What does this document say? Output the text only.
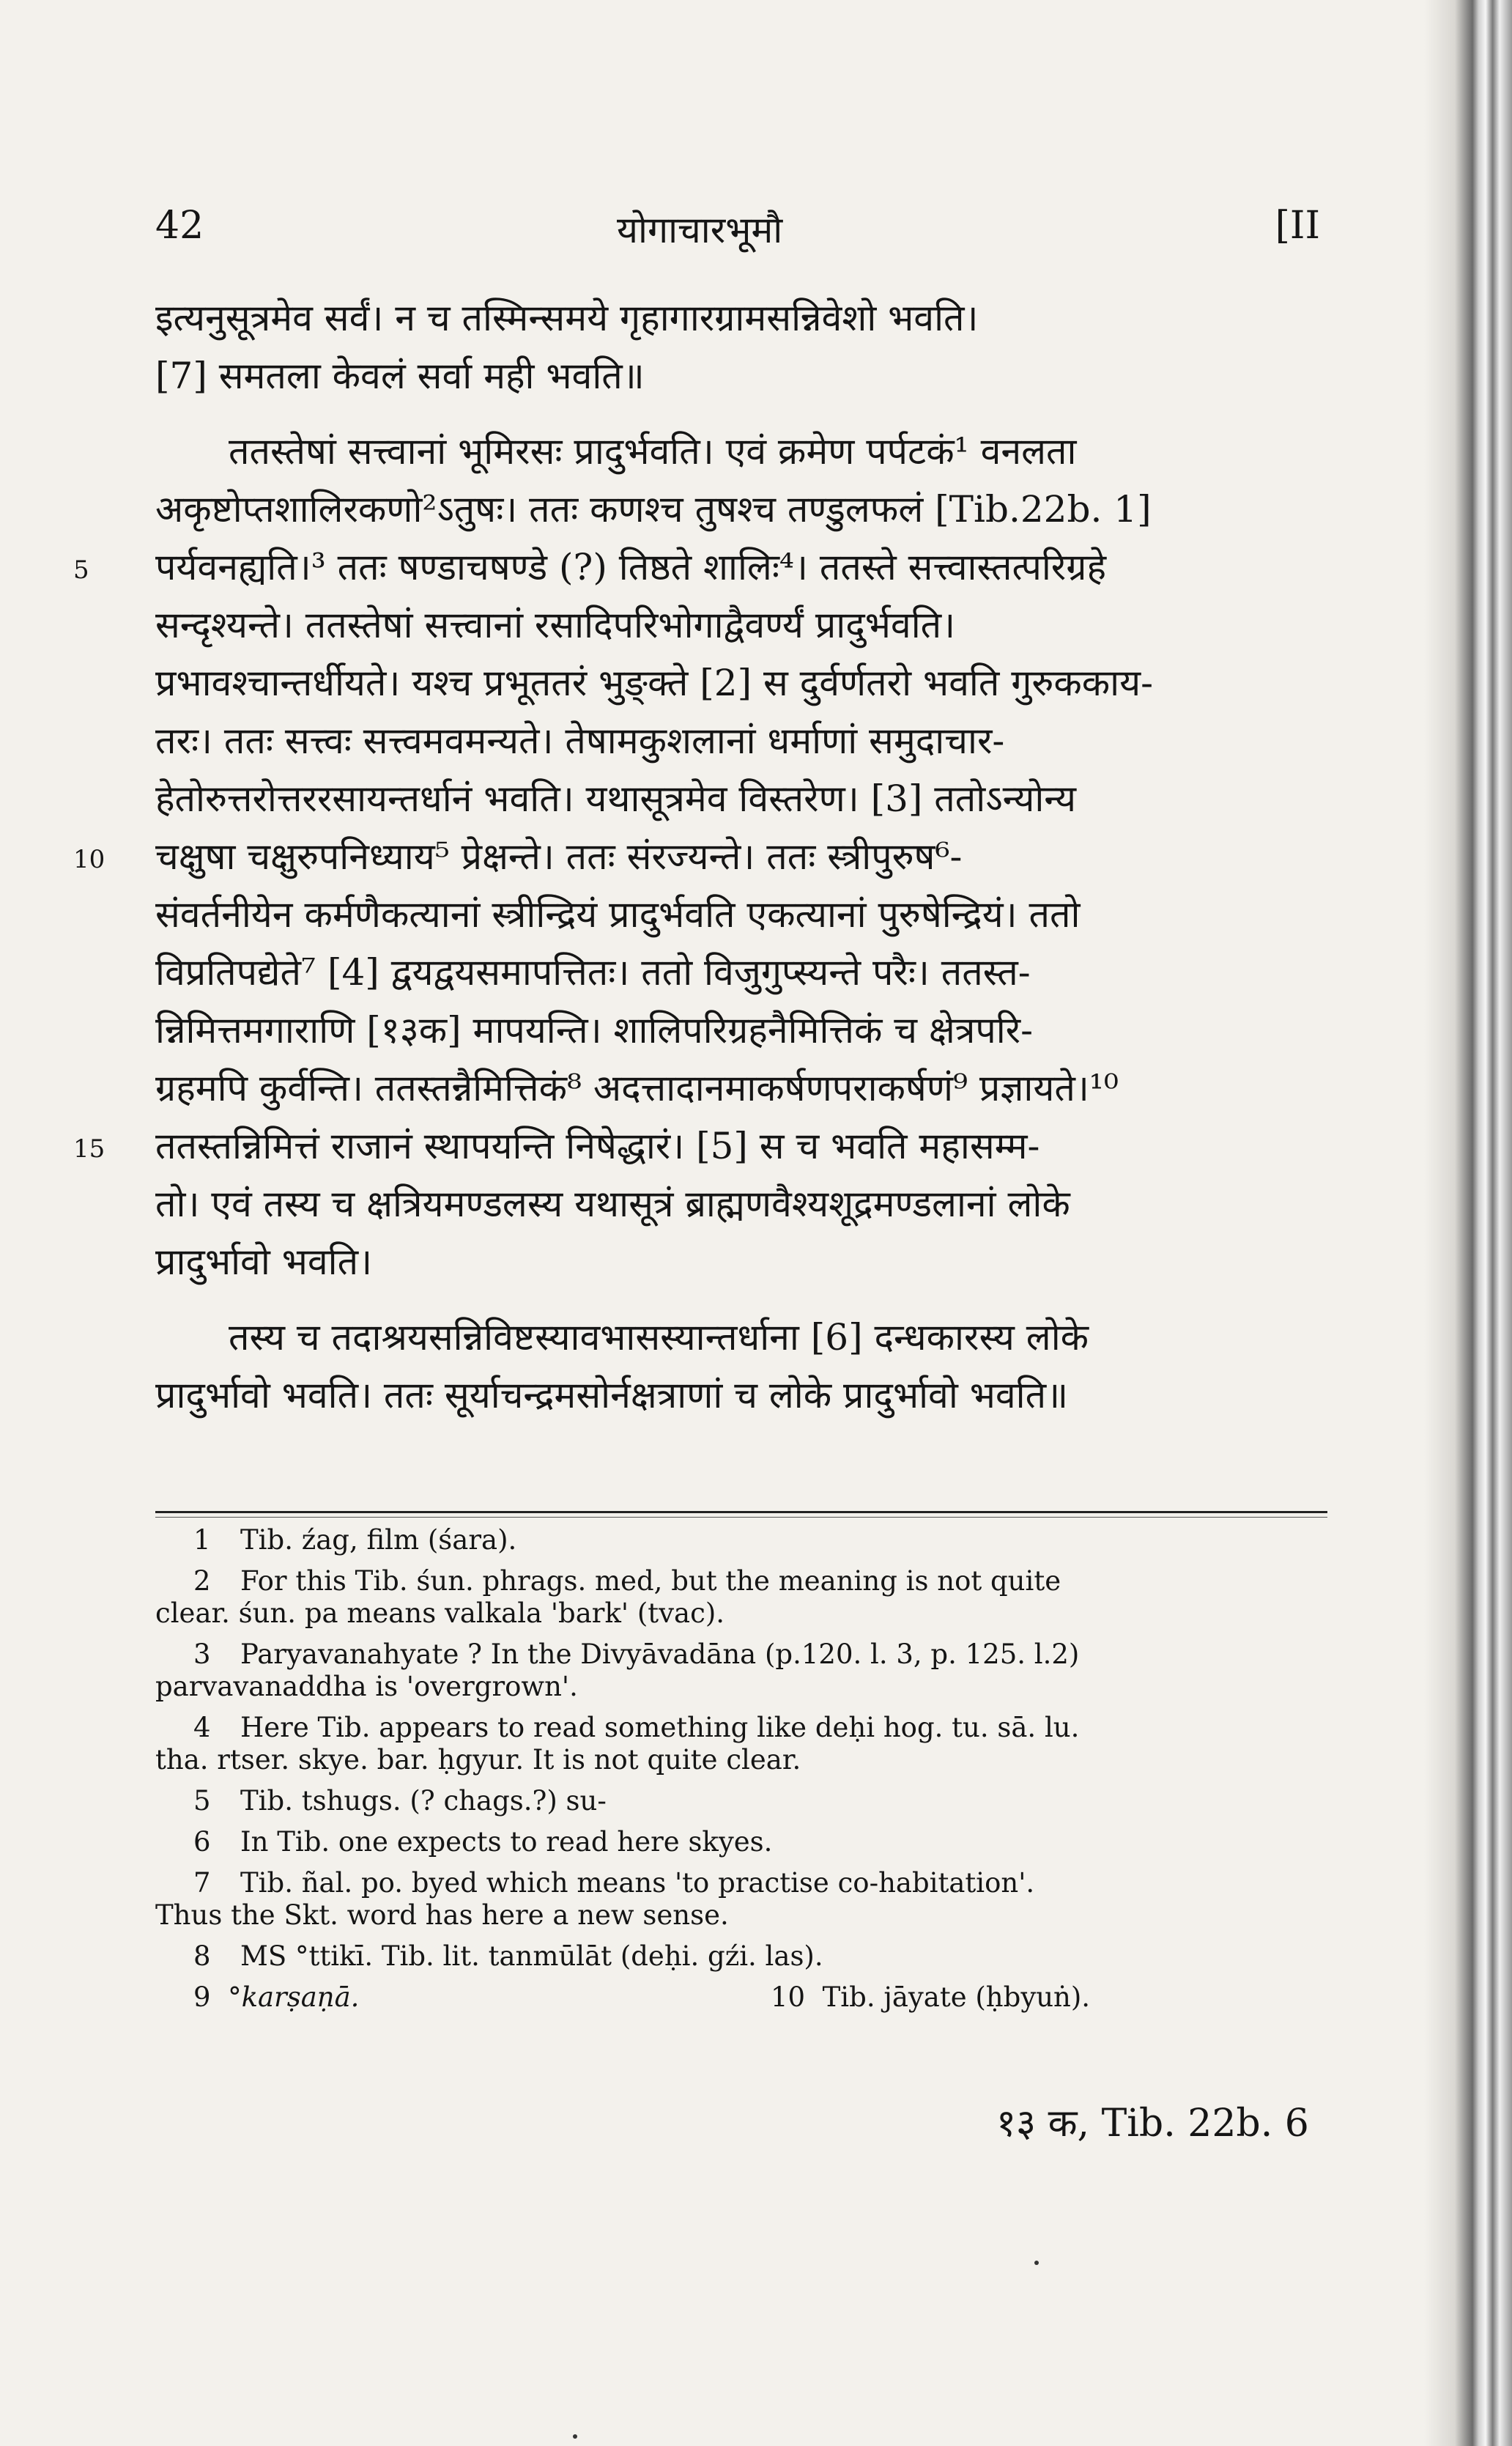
42	योगाचारभूमौ	[II
इत्यनुसूत्रमेव सर्वं। न च तस्मिन्समये गृहागारग्रामसन्निवेशो भवति।
[7] समतला केवलं सर्वा मही भवति॥
ततस्तेषां सत्त्वानां भूमिरसः प्रादुर्भवति। एवं क्रमेण पर्पटकं¹ वनलता
अकृष्टोप्तशालिरकणो²ऽतुषः। ततः कणश्च तुषश्च तण्डुलफलं [Tib.22b. 1]
5 पर्यवनह्यति।³ ततः षण्डाचषण्डे (?) तिष्ठते शालिः⁴। ततस्ते सत्त्वास्तत्परिग्रहे
सन्दृश्यन्ते। ततस्तेषां सत्त्वानां रसादिपरिभोगाद्वैवर्ण्यं प्रादुर्भवति।
प्रभावश्चान्तर्धीयते। यश्च प्रभूततरं भुङ्क्ते [2] स दुर्वर्णतरो भवति गुरुककाय-
तरः। ततः सत्त्वः सत्त्वमवमन्यते। तेषामकुशलानां धर्माणां समुदाचार-
हेतोरुत्तरोत्तररसायन्तर्धानं भवति। यथासूत्रमेव विस्तरेण। [3] ततोऽन्योन्य
10 चक्षुषा चक्षुरुपनिध्याय⁵ प्रेक्षन्ते। ततः संरज्यन्ते। ततः स्त्रीपुरुष⁶-
संवर्तनीयेन कर्मणैकत्यानां स्त्रीन्द्रियं प्रादुर्भवति एकत्यानां पुरुषेन्द्रियं। ततो
विप्रतिपद्येते⁷ [4] द्वयद्वयसमापत्तितः। ततो विजुगुप्स्यन्ते परैः। ततस्त-
न्निमित्तमगाराणि [१३क] मापयन्ति। शालिपरिग्रहनैमित्तिकं च क्षेत्रपरि-
ग्रहमपि कुर्वन्ति। ततस्तन्नैमित्तिकं⁸ अदत्तादानमाकर्षणपराकर्षणं⁹ प्रज्ञायते।¹⁰
15 ततस्तन्निमित्तं राजानं स्थापयन्ति निषेद्धारं। [5] स च भवति महासम्म-
तो। एवं तस्य च क्षत्रियमण्डलस्य यथासूत्रं ब्राह्मणवैश्यशूद्रमण्डलानां लोके
प्रादुर्भावो भवति।
तस्य च तदाश्रयसन्निविष्टस्यावभासस्यान्तर्धाना [6] दन्धकारस्य लोके
प्रादुर्भावो भवति। ततः सूर्याचन्द्रमसोर्नक्षत्राणां च लोके प्रादुर्भावो भवति॥
1 Tib. źag, film (śara).
2 For this Tib. śun. phrags. med, but the meaning is not quite
clear. śun. pa means valkala 'bark' (tvac).
3 Paryavanahyate ? In the Divyāvadāna (p.120. l. 3, p. 125. l.2)
parvavanaddha is 'overgrown'.
4 Here Tib. appears to read something like deḥi hog. tu. sā. lu.
tha. rtser. skye. bar. ḥgyur. It is not quite clear.
5 Tib. tshugs. (? chags.?) su-
6 In Tib. one expects to read here skyes.
7 Tib. ñal. po. byed which means 'to practise co-habitation'.
Thus the Skt. word has here a new sense.
8 MS °ttikī. Tib. lit. tanmūlāt (deḥi. gźi. las).
9 °karṣaṇā.	10 Tib. jāyate (ḥbyuṅ).
१३ क, Tib. 22b. 6
